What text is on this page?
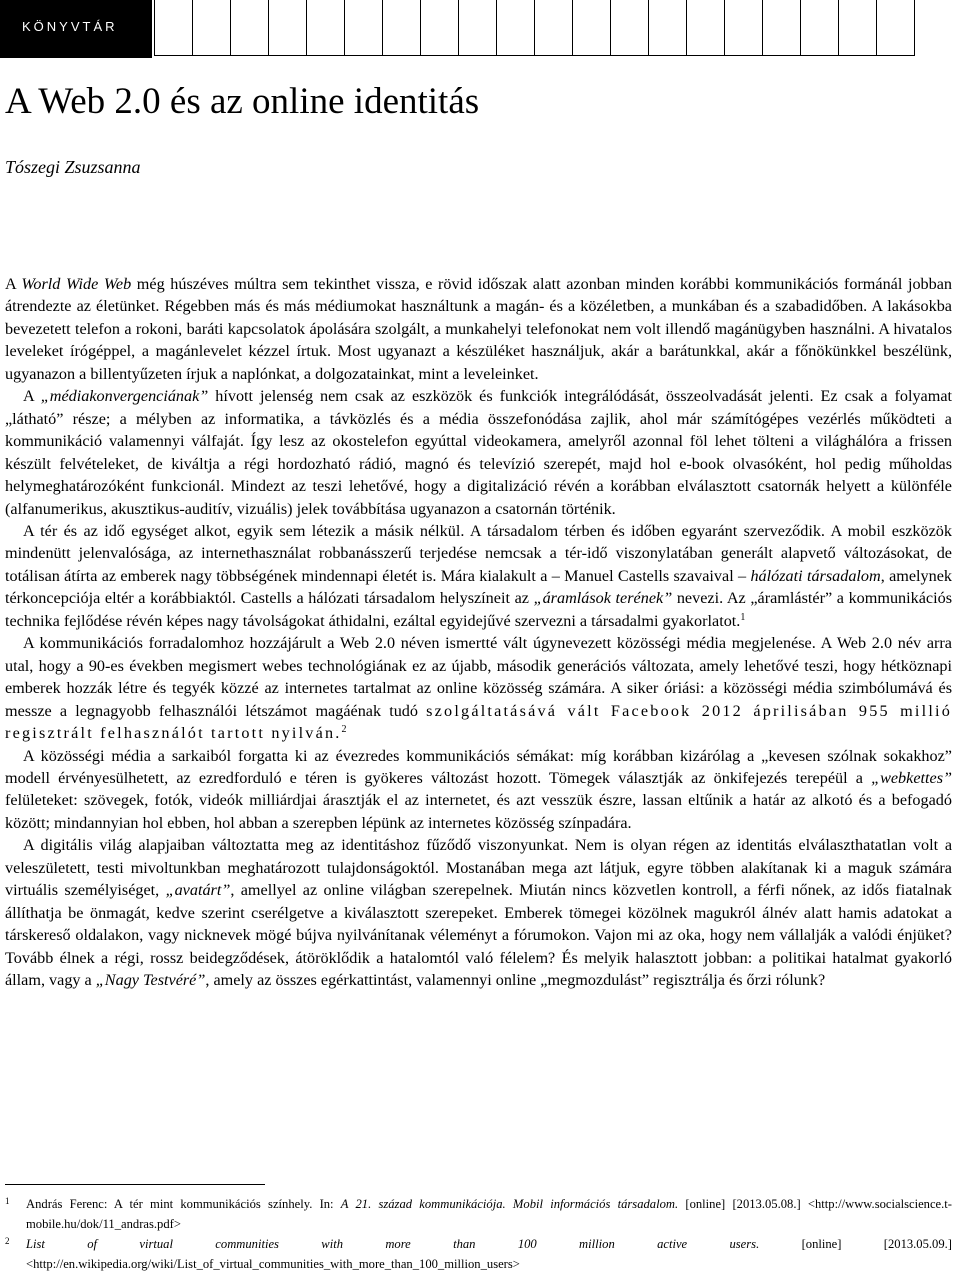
KÖNYVTÁR
A Web 2.0 és az online identitás
Tószegi Zsuzsanna

A World Wide Web még húszéves múltra sem tekinthet vissza, e rövid időszak alatt azonban minden korábbi kommunikációs formánál jobban átrendezte az életünket. Régebben más és más médiumokat használtunk a magán- és a közéletben, a munkában és a szabadidőben. A lakásokba bevezetett telefon a rokoni, baráti kapcsolatok ápolására szolgált, a munkahelyi telefonokat nem volt illendő magánügyben használni. A hivatalos leveleket írógéppel, a magánlevelet kézzel írtuk. Most ugyanazt a készüléket használjuk, akár a barátunkkal, akár a főnökünkkel beszélünk, ugyanazon a billentyűzeten írjuk a naplónkat, a dolgozatainkat, mint a leveleinket.

A „médiakonvergenciának” hívott jelenség nem csak az eszközök és funkciók integrálódását, összeolvadását jelenti. Ez csak a folyamat „látható” része; a mélyben az informatika, a távközlés és a média összefonódása zajlik, ahol már számítógépes vezérlés működteti a kommunikáció valamennyi válfaját. Így lesz az okostelefon egyúttal videokamera, amelyről azonnal föl lehet tölteni a világhálóra a frissen készült felvételeket, de kiváltja a régi hordozható rádió, magnó és televízió szerepét, majd hol e-book olvasóként, hol pedig műholdas helymeghatározóként funkcionál. Mindezt az teszi lehetővé, hogy a digitalizáció révén a korábban elválasztott csatornák helyett a különféle (alfanumerikus, akusztikus-auditív, vizuális) jelek továbbítása ugyanazon a csatornán történik.

A tér és az idő egységet alkot, egyik sem létezik a másik nélkül. A társadalom térben és időben egyaránt szerveződik. A mobil eszközök mindenütt jelenvalósága, az internethasználat robbanásszerű terjedése nemcsak a tér-idő viszonylatában generált alapvető változásokat, de totálisan átírta az emberek nagy többségének mindennapi életét is. Mára kialakult a – Manuel Castells szavaival – hálózati társadalom, amelynek térkoncepciója eltér a korábbiaktól. Castells a hálózati társadalom helyszíneit az „áramlások terének” nevezi. Az „áramlástér” a kommunikációs technika fejlődése révén képes nagy távolságokat áthidalni, ezáltal egyidejűvé szervezni a társadalmi gyakorlatot.$^1$

A kommunikációs forradalomhoz hozzájárult a Web 2.0 néven ismertté vált úgynevezett közösségi média megjelenése. A Web 2.0 név arra utal, hogy a 90-es években megismert webes technológiának ez az újabb, második generációs változata, amely lehetővé teszi, hogy hétköznapi emberek hozzák létre és tegyék közzé az internetes tartalmat az online közösség számára. A siker óriási: a közösségi média szimbólumává és messze a legnagyobb felhasználói létszámot magáénak tudó szolgáltatásává vált Facebook 2012 áprilisában 955 millió regisztrált felhasználót tartott nyilván.$^2$

A közösségi média a sarkaiból forgatta ki az évezredes kommunikációs sémákat: míg korábban kizárólag a „kevesen szólnak sokakhoz” modell érvényesülhetett, az ezredforduló e téren is gyökeres változást hozott. Tömegek választják az önkifejezés terepéül a „webkettes” felületeket: szövegek, fotók, videók milliárdjai árasztják el az internetet, és azt vesszük észre, lassan eltűnik a határ az alkotó és a befogadó között; mindannyian hol ebben, hol abban a szerepben lépünk az internetes közösség színpadára.

A digitális világ alapjaiban változtatta meg az identitáshoz fűződő viszonyunkat. Nem is olyan régen az identitás elválaszthatatlan volt a veleszületett, testi mivoltunkban meghatározott tulajdonságoktól. Mostanában mega azt látjuk, egyre többen alakítanak ki a maguk számára virtuális személyiséget, „avatárt”, amellyel az online világban szerepelnek. Miután nincs közvetlen kontroll, a férfi nőnek, az idős fiatalnak állíthatja be önmagát, kedve szerint cserélgetve a kiválasztott szerepeket. Emberek tömegei közölnek magukról álnév alatt hamis adatokat a társkereső oldalakon, vagy nicknevek mögé bújva nyilvánítanak véleményt a fórumokon. Vajon mi az oka, hogy nem vállalják a valódi énjüket? Tovább élnek a régi, rossz beidegződések, átöröklődik a hatalomtól való félelem? És melyik halasztott jobban: a politikai hatalmat gyakorló állam, vagy a „Nagy Testvéré”, amely az összes egérkattintást, valamennyi online „megmozdulást” regisztrálja és őrzi rólunk?

1 András Ferenc: A tér mint kommunikációs színhely. In: A 21. század kommunikációja. Mobil információs társadalom. [online] [2013.05.08.] <http://www.socialscience.t-mobile.hu/dok/11_andras.pdf>
2 List of virtual communities with more than 100 million active users. [online] [2013.05.09.] <http://en.wikipedia.org/wiki/List_of_virtual_communities_with_more_than_100_million_users>
